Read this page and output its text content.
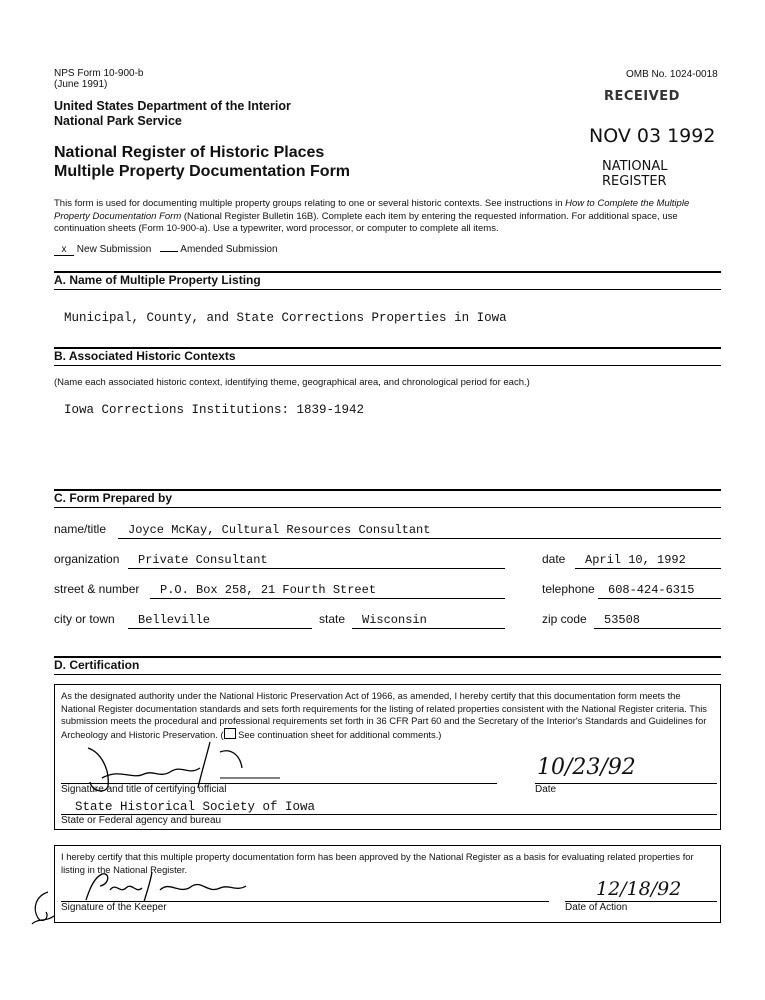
NPS Form 10-900-b
(June 1991)
OMB No. 1024-0018
United States Department of the Interior
National Park Service
National Register of Historic Places
Multiple Property Documentation Form
RECEIVED
NOV 03 1992
NATIONAL
REGISTER
This form is used for documenting multiple property groups relating to one or several historic contexts. See instructions in How to Complete the Multiple Property Documentation Form (National Register Bulletin 16B). Complete each item by entering the requested information. For additional space, use continuation sheets (Form 10-900-a). Use a typewriter, word processor, or computer to complete all items.
x New Submission	Amended Submission
A. Name of Multiple Property Listing
Municipal, County, and State Corrections Properties in Iowa
B. Associated Historic Contexts
(Name each associated historic context, identifying theme, geographical area, and chronological period for each.)
Iowa Corrections Institutions: 1839-1942
C. Form Prepared by
name/title	Joyce McKay, Cultural Resources Consultant
organization	Private Consultant	date	April 10, 1992
street & number	P.O. Box 258, 21 Fourth Street	telephone	608-424-6315
city or town	Belleville	state	Wisconsin	zip code	53508
D. Certification
As the designated authority under the National Historic Preservation Act of 1966, as amended, I hereby certify that this documentation form meets the National Register documentation standards and sets forth requirements for the listing of related properties consistent with the National Register criteria. This submission meets the procedural and professional requirements set forth in 36 CFR Part 60 and the Secretary of the Interior's Standards and Guidelines for Archeology and Historic Preservation. ( See continuation sheet for additional comments.)
Signature and title of certifying official
10/23/92
Date
State Historical Society of Iowa
State or Federal agency and bureau
I hereby certify that this multiple property documentation form has been approved by the National Register as a basis for evaluating related properties for listing in the National Register.
Signature of the Keeper
12/18/92
Date of Action
